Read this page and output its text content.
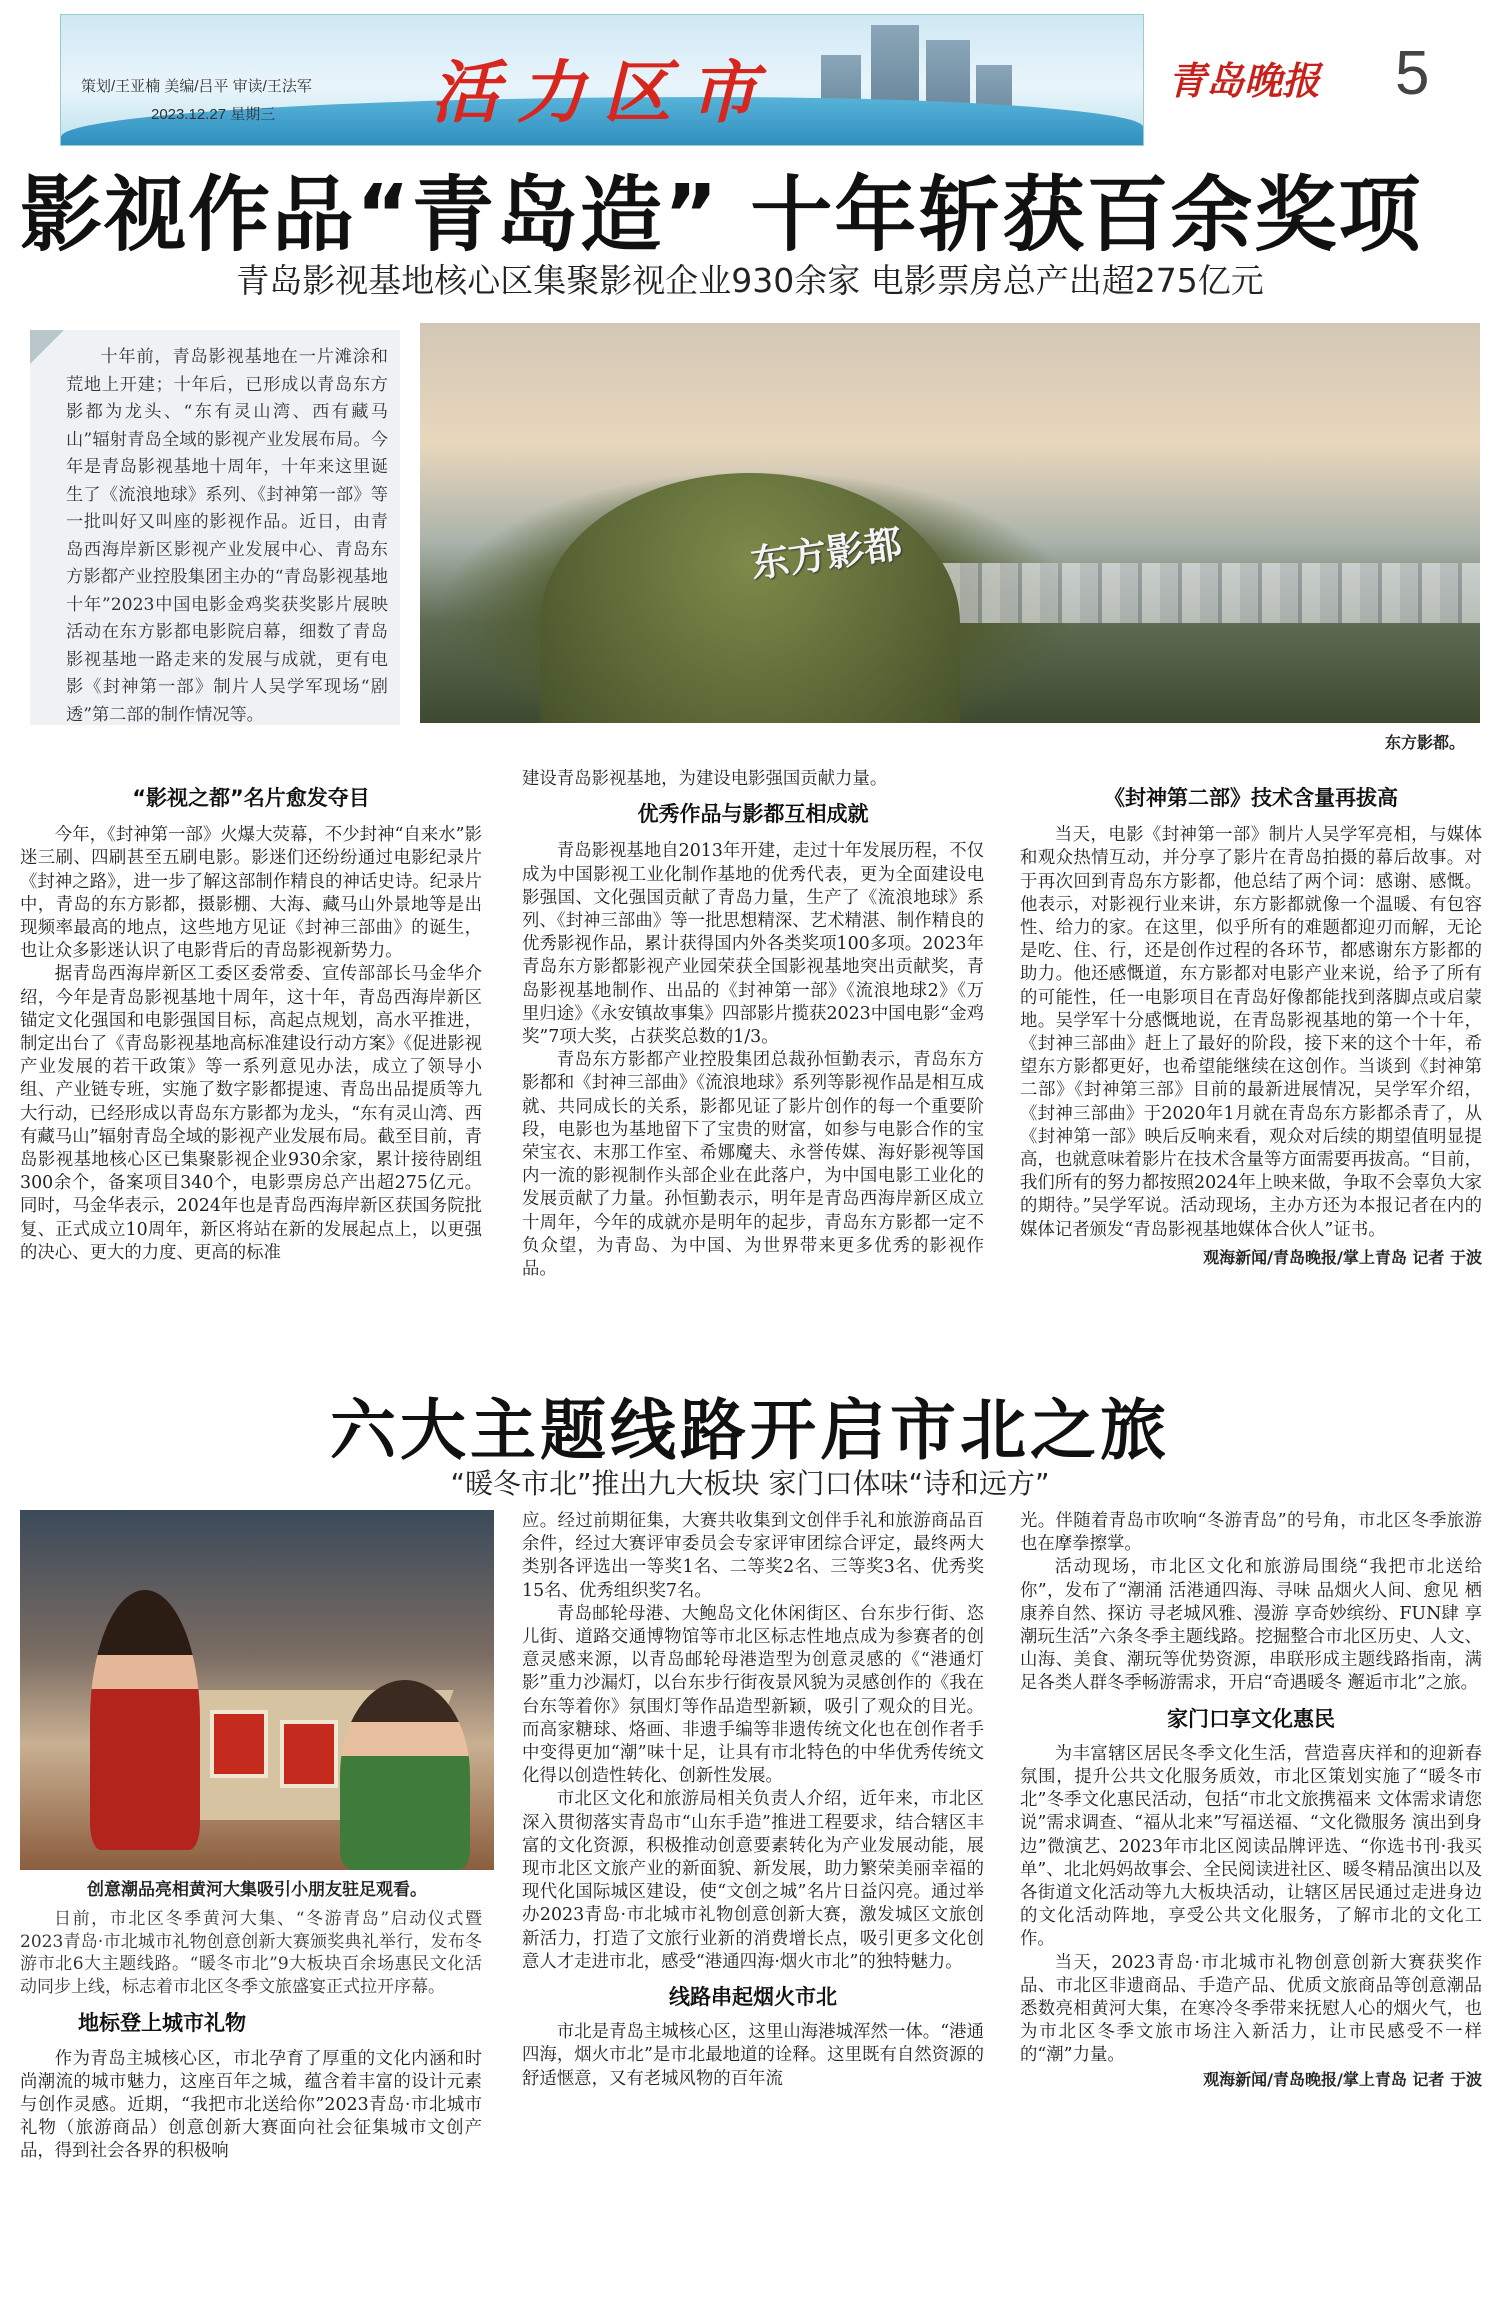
策划/王亚楠 美编/吕平 审读/王法军
2023.12.27 星期三 活力区市	青岛晚报 5
影视作品“青岛造” 十年斩获百余奖项
青岛影视基地核心区集聚影视企业930余家 电影票房总产出超275亿元
十年前，青岛影视基地在一片滩涂和荒地上开建；十年后，已形成以青岛东方影都为龙头、“东有灵山湾、西有藏马山”辐射青岛全域的影视产业发展布局。今年是青岛影视基地十周年，十年来这里诞生了《流浪地球》系列、《封神第一部》等一批叫好又叫座的影视作品。近日，由青岛西海岸新区影视产业发展中心、青岛东方影都产业控股集团主办的“青岛影视基地十年”2023中国电影金鸡奖获奖影片展映活动在东方影都电影院启幕，细数了青岛影视基地一路走来的发展与成就，更有电影《封神第一部》制片人吴学军现场“剧透”第二部的制作情况等。
东方影都
东方影都。
“影视之都”名片愈发夺目

今年，《封神第一部》火爆大荧幕，不少封神“自来水”影迷三刷、四刷甚至五刷电影。影迷们还纷纷通过电影纪录片《封神之路》，进一步了解这部制作精良的神话史诗。纪录片中，青岛的东方影都，摄影棚、大海、藏马山外景地等是出现频率最高的地点，这些地方见证《封神三部曲》的诞生，也让众多影迷认识了电影背后的青岛影视新势力。

据青岛西海岸新区工委区委常委、宣传部部长马金华介绍，今年是青岛影视基地十周年，这十年，青岛西海岸新区锚定文化强国和电影强国目标，高起点规划，高水平推进，制定出台了《青岛影视基地高标准建设行动方案》《促进影视产业发展的若干政策》等一系列意见办法，成立了领导小组、产业链专班，实施了数字影都提速、青岛出品提质等九大行动，已经形成以青岛东方影都为龙头，“东有灵山湾、西有藏马山”辐射青岛全域的影视产业发展布局。截至目前，青岛影视基地核心区已集聚影视企业930余家，累计接待剧组300余个，备案项目340个，电影票房总产出超275亿元。同时，马金华表示，2024年也是青岛西海岸新区获国务院批复、正式成立10周年，新区将站在新的发展起点上，以更强的决心、更大的力度、更高的标准

建设青岛影视基地，为建设电影强国贡献力量。

优秀作品与影都互相成就

青岛影视基地自2013年开建，走过十年发展历程，不仅成为中国影视工业化制作基地的优秀代表，更为全面建设电影强国、文化强国贡献了青岛力量，生产了《流浪地球》系列、《封神三部曲》等一批思想精深、艺术精湛、制作精良的优秀影视作品，累计获得国内外各类奖项100多项。2023年青岛东方影都影视产业园荣获全国影视基地突出贡献奖，青岛影视基地制作、出品的《封神第一部》《流浪地球2》《万里归途》《永安镇故事集》四部影片揽获2023中国电影“金鸡奖”7项大奖，占获奖总数的1/3。

青岛东方影都产业控股集团总裁孙恒勤表示，青岛东方影都和《封神三部曲》《流浪地球》系列等影视作品是相互成就、共同成长的关系，影都见证了影片创作的每一个重要阶段，电影也为基地留下了宝贵的财富，如参与电影合作的宝荣宝衣、末那工作室、希娜魔夫、永誉传媒、海好影视等国内一流的影视制作头部企业在此落户，为中国电影工业化的发展贡献了力量。孙恒勤表示，明年是青岛西海岸新区成立十周年，今年的成就亦是明年的起步，青岛东方影都一定不负众望，为青岛、为中国、为世界带来更多优秀的影视作品。

《封神第二部》技术含量再拔高

当天，电影《封神第一部》制片人吴学军亮相，与媒体和观众热情互动，并分享了影片在青岛拍摄的幕后故事。对于再次回到青岛东方影都，他总结了两个词：感谢、感慨。他表示，对影视行业来讲，东方影都就像一个温暖、有包容性、给力的家。在这里，似乎所有的难题都迎刃而解，无论是吃、住、行，还是创作过程的各环节，都感谢东方影都的助力。他还感慨道，东方影都对电影产业来说，给予了所有的可能性，任一电影项目在青岛好像都能找到落脚点或启蒙地。吴学军十分感慨地说，在青岛影视基地的第一个十年，《封神三部曲》赶上了最好的阶段，接下来的这个十年，希望东方影都更好，也希望能继续在这创作。当谈到《封神第二部》《封神第三部》目前的最新进展情况，吴学军介绍，《封神三部曲》于2020年1月就在青岛东方影都杀青了，从《封神第一部》映后反响来看，观众对后续的期望值明显提高，也就意味着影片在技术含量等方面需要再拔高。“目前，我们所有的努力都按照2024年上映来做，争取不会辜负大家的期待。”吴学军说。活动现场，主办方还为本报记者在内的媒体记者颁发“青岛影视基地媒体合伙人”证书。

观海新闻/青岛晚报/掌上青岛 记者 于波
六大主题线路开启市北之旅
“暖冬市北”推出九大板块 家门口体味“诗和远方”
创意潮品亮相黄河大集吸引小朋友驻足观看。

日前，市北区冬季黄河大集、“冬游青岛”启动仪式暨2023青岛·市北城市礼物创意创新大赛颁奖典礼举行，发布冬游市北6大主题线路。“暖冬市北”9大板块百余场惠民文化活动同步上线，标志着市北区冬季文旅盛宴正式拉开序幕。

地标登上城市礼物

作为青岛主城核心区，市北孕育了厚重的文化内涵和时尚潮流的城市魅力，这座百年之城，蕴含着丰富的设计元素与创作灵感。近期，“我把市北送给你”2023青岛·市北城市礼物（旅游商品）创意创新大赛面向社会征集城市文创产品，得到社会各界的积极响

应。经过前期征集，大赛共收集到文创伴手礼和旅游商品百余件，经过大赛评审委员会专家评审团综合评定，最终两大类别各评选出一等奖1名、二等奖2名、三等奖3名、优秀奖15名、优秀组织奖7名。

青岛邮轮母港、大鲍岛文化休闲街区、台东步行街、恣儿街、道路交通博物馆等市北区标志性地点成为参赛者的创意灵感来源，以青岛邮轮母港造型为创意灵感的《“港通灯影”重力沙漏灯，以台东步行街夜景风貌为灵感创作的《我在台东等着你》氛围灯等作品造型新颖，吸引了观众的目光。而高家糖球、烙画、非遗手编等非遗传统文化也在创作者手中变得更加“潮”味十足，让具有市北特色的中华优秀传统文化得以创造性转化、创新性发展。

市北区文化和旅游局相关负责人介绍，近年来，市北区深入贯彻落实青岛市“山东手造”推进工程要求，结合辖区丰富的文化资源，积极推动创意要素转化为产业发展动能，展现市北区文旅产业的新面貌、新发展，助力繁荣美丽幸福的现代化国际城区建设，使“文创之城”名片日益闪亮。通过举办2023青岛·市北城市礼物创意创新大赛，激发城区文旅创新活力，打造了文旅行业新的消费增长点，吸引更多文化创意人才走进市北，感受“港通四海·烟火市北”的独特魅力。

线路串起烟火市北

市北是青岛主城核心区，这里山海港城浑然一体。“港通四海，烟火市北”是市北最地道的诠释。这里既有自然资源的舒适惬意，又有老城风物的百年流

光。伴随着青岛市吹响“冬游青岛”的号角，市北区冬季旅游也在摩拳擦掌。

活动现场，市北区文化和旅游局围绕“我把市北送给你”，发布了“潮涌 活港通四海、寻味 品烟火人间、愈见 栖康养自然、探访 寻老城风雅、漫游 享奇妙缤纷、FUN肆 享潮玩生活”六条冬季主题线路。挖掘整合市北区历史、人文、山海、美食、潮玩等优势资源，串联形成主题线路指南，满足各类人群冬季畅游需求，开启“奇遇暖冬 邂逅市北”之旅。

家门口享文化惠民

为丰富辖区居民冬季文化生活，营造喜庆祥和的迎新春氛围，提升公共文化服务质效，市北区策划实施了“暖冬市北”冬季文化惠民活动，包括“市北文旅携福来 文体需求请您说”需求调查、“福从北来”写福送福、“文化微服务 演出到身边”微演艺、2023年市北区阅读品牌评选、“你选书刊·我买单”、北北妈妈故事会、全民阅读进社区、暖冬精品演出以及各街道文化活动等九大板块活动，让辖区居民通过走进身边的文化活动阵地，享受公共文化服务，了解市北的文化工作。

当天，2023青岛·市北城市礼物创意创新大赛获奖作品、市北区非遗商品、手造产品、优质文旅商品等创意潮品悉数亮相黄河大集，在寒冷冬季带来抚慰人心的烟火气，也为市北区冬季文旅市场注入新活力，让市民感受不一样的“潮”力量。

观海新闻/青岛晚报/掌上青岛 记者 于波
